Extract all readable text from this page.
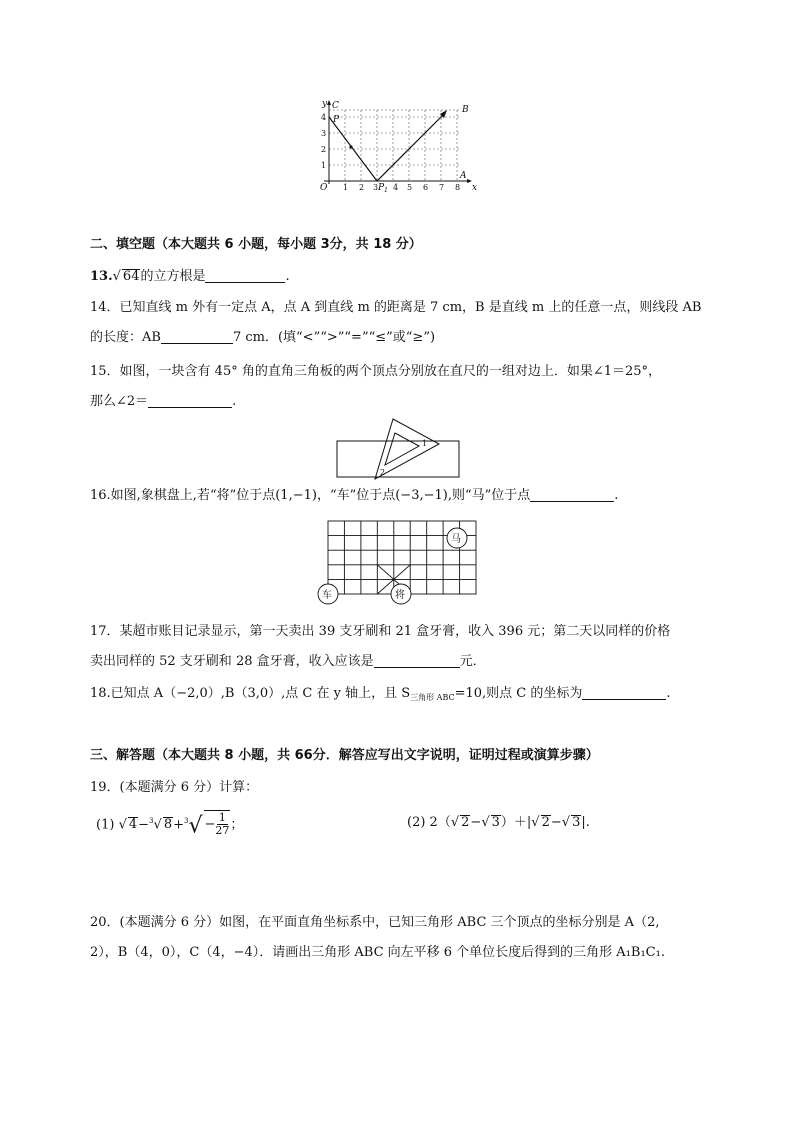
1 2 3 4 5 6 7 8
1
2
3
4
y
x
O
C
P
B
A
$P_1$
二、填空题（本大题共 6 小题，每小题 3分，共 18 分）
13.√ 64的立方根是	.
14．已知直线 m 外有一定点 A，点 A 到直线 m 的距离是 7 cm，B 是直线 m 上的任意一点，则线段 AB
的长度：AB	7 cm．(填“<”“>”“=”“≤”或“≥”)
15．如图，一块含有 45° 角的直角三角板的两个顶点分别放在直尺的一组对边上．如果∠1＝25°，
那么∠2＝	.
1
2
16.如图,象棋盘上,若“将”位于点(1,−1)，“车”位于点(−3,−1),则“马”位于点	.
马
车	将
17．某超市账目记录显示，第一天卖出 39 支牙刷和 21 盒牙膏，收入 396 元；第二天以同样的价格
卖出同样的 52 支牙刷和 28 盒牙膏，收入应该是	元．
18.已知点 A（−2,0）,B（3,0）,点 C 在 y 轴上，且 $S_{三角形 ABC}=10$,则点 C 的坐标为	.
三、解答题（本大题共 8 小题，共 66分．解答应写出文字说明，证明过程或演算步骤）
19．(本题满分 6 分）计算：
(1) √ 4−$^3$√ $8+^3√ - \frac{1}{27}$ ；	(2) 2（√ 2−√ 3）＋|√ 2−√ 3|.
20．(本题满分 6 分）如图，在平面直角坐标系中，已知三角形 ABC 三个顶点的坐标分别是 A（2,
2），B（4，0），C（4，−4）．请画出三角形 ABC 向左平移 6 个单位长度后得到的三角形 A₁B₁C₁.
